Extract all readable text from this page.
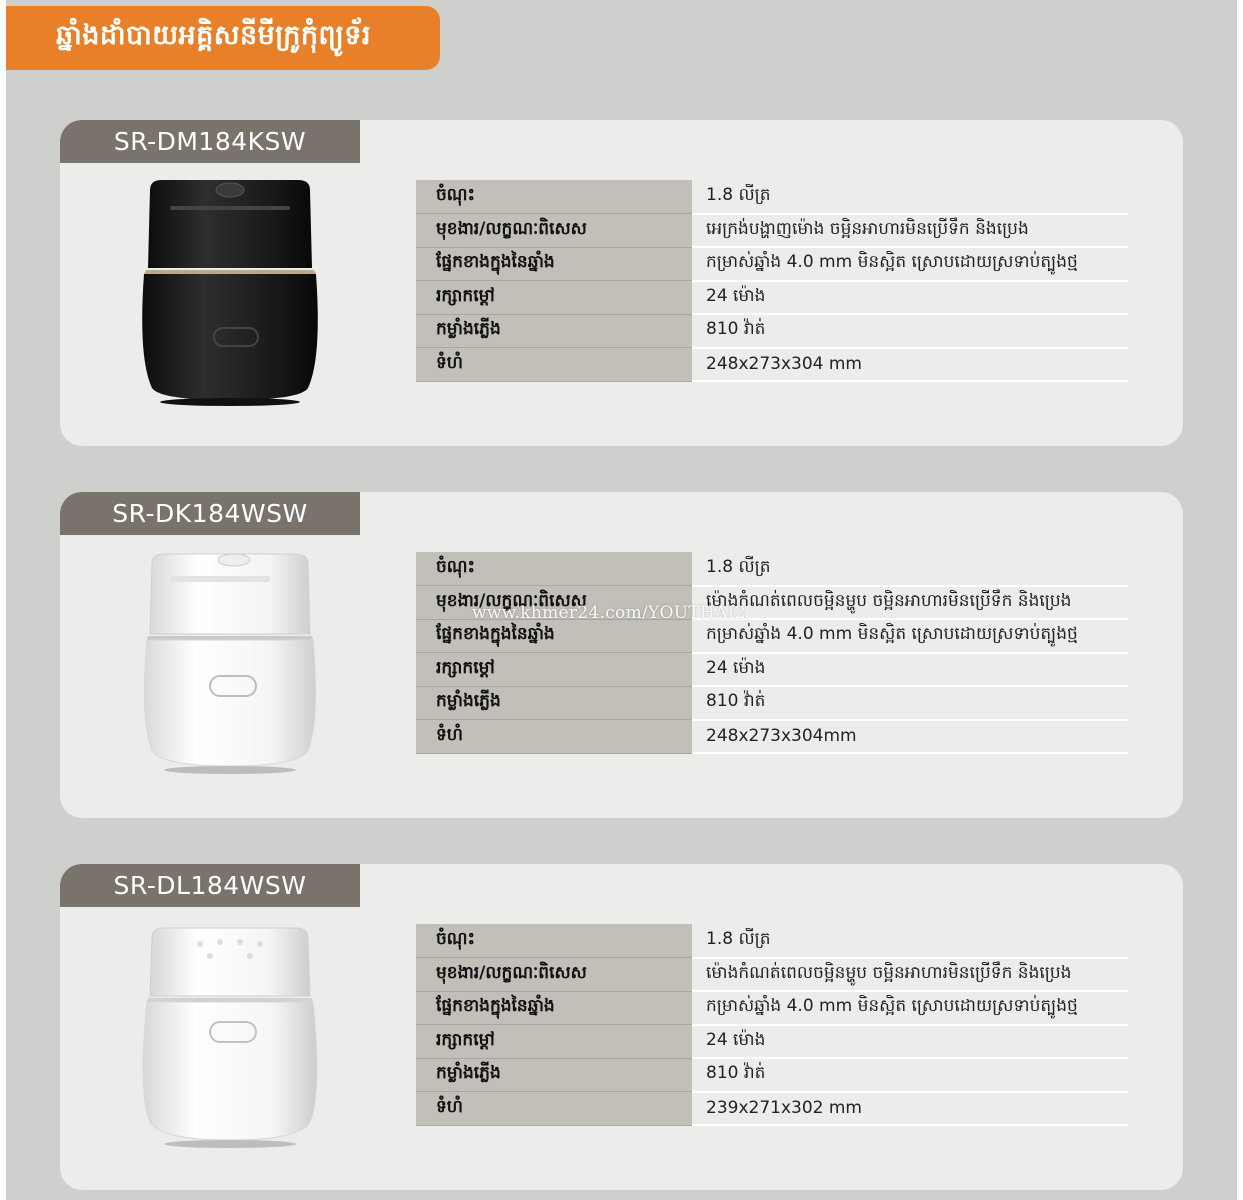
ឆ្នាំងដាំបាយអគ្គិសនីមីក្រូកុំព្យូទ័រ
SR-DM184KSW
ចំណុះ	1.8 លីត្រ
មុខងារ/លក្ខណៈពិសេស	អេក្រង់បង្ហាញម៉ោង ចម្អិនអាហារមិនប្រើទឹក និងប្រេង
ផ្នែកខាងក្នុងនៃឆ្នាំង	កម្រាស់ឆ្នាំង 4.0 mm មិនស្អិត ស្រោបដោយស្រទាប់ត្បូងថ្ម
រក្សាកម្តៅ	24 ម៉ោង
កម្លាំងភ្លើង	810 វ៉ាត់
ទំហំ	248x273x304 mm
SR-DK184WSW
ចំណុះ	1.8 លីត្រ
មុខងារ/លក្ខណៈពិសេស	ម៉ោងកំណត់ពេលចម្អិនម្ហូប ចម្អិនអាហារមិនប្រើទឹក និងប្រេង
ផ្នែកខាងក្នុងនៃឆ្នាំង	កម្រាស់ឆ្នាំង 4.0 mm មិនស្អិត ស្រោបដោយស្រទាប់ត្បូងថ្ម
រក្សាកម្តៅ	24 ម៉ោង
កម្លាំងភ្លើង	810 វ៉ាត់
ទំហំ	248x273x304mm
SR-DL184WSW
ចំណុះ	1.8 លីត្រ
មុខងារ/លក្ខណៈពិសេស	ម៉ោងកំណត់ពេលចម្អិនម្ហូប ចម្អិនអាហារមិនប្រើទឹក និងប្រេង
ផ្នែកខាងក្នុងនៃឆ្នាំង	កម្រាស់ឆ្នាំង 4.0 mm មិនស្អិត ស្រោបដោយស្រទាប់ត្បូងថ្ម
រក្សាកម្តៅ	24 ម៉ោង
កម្លាំងភ្លើង	810 វ៉ាត់
ទំហំ	239x271x302 mm
www.khmer24.com/YOUTHAI2
